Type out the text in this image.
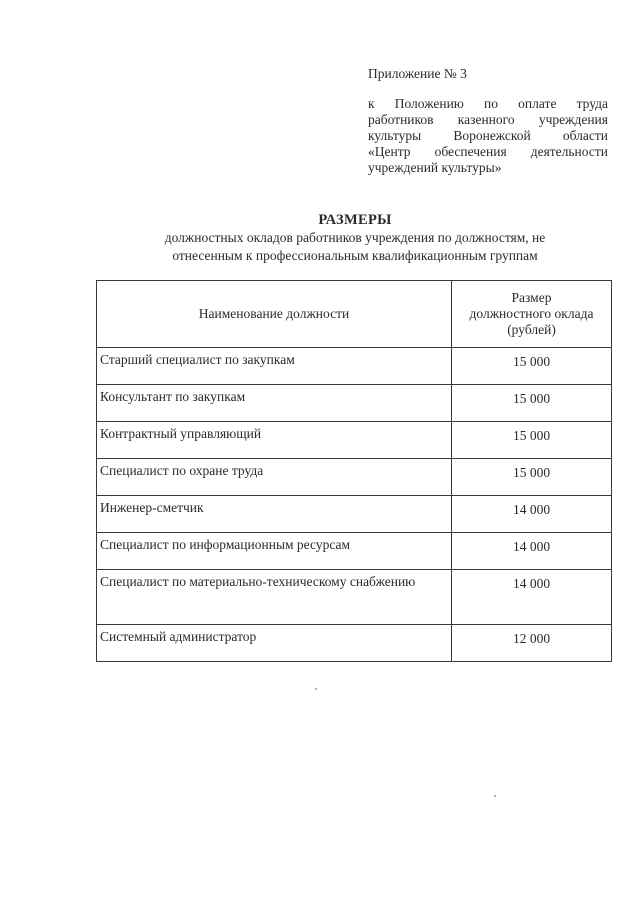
Приложение № 3
к Положению по оплате труда
работников казенного учреждения
культуры Воронежской области
«Центр обеспечения деятельности
учреждений культуры»
РАЗМЕРЫ
должностных окладов работников учреждения по должностям, не
отнесенным к профессиональным квалификационным группам
Наименование должности	Размер
должностного оклада
(рублей)

Старший специалист по закупкам	15 000
Консультант по закупкам	15 000
Контрактный управляющий	15 000
Специалист по охране труда	15 000
Инженер-сметчик	14 000
Специалист по информационным ресурсам	14 000
Специалист по материально-техническому снабжению	14 000
Системный администратор	12 000
